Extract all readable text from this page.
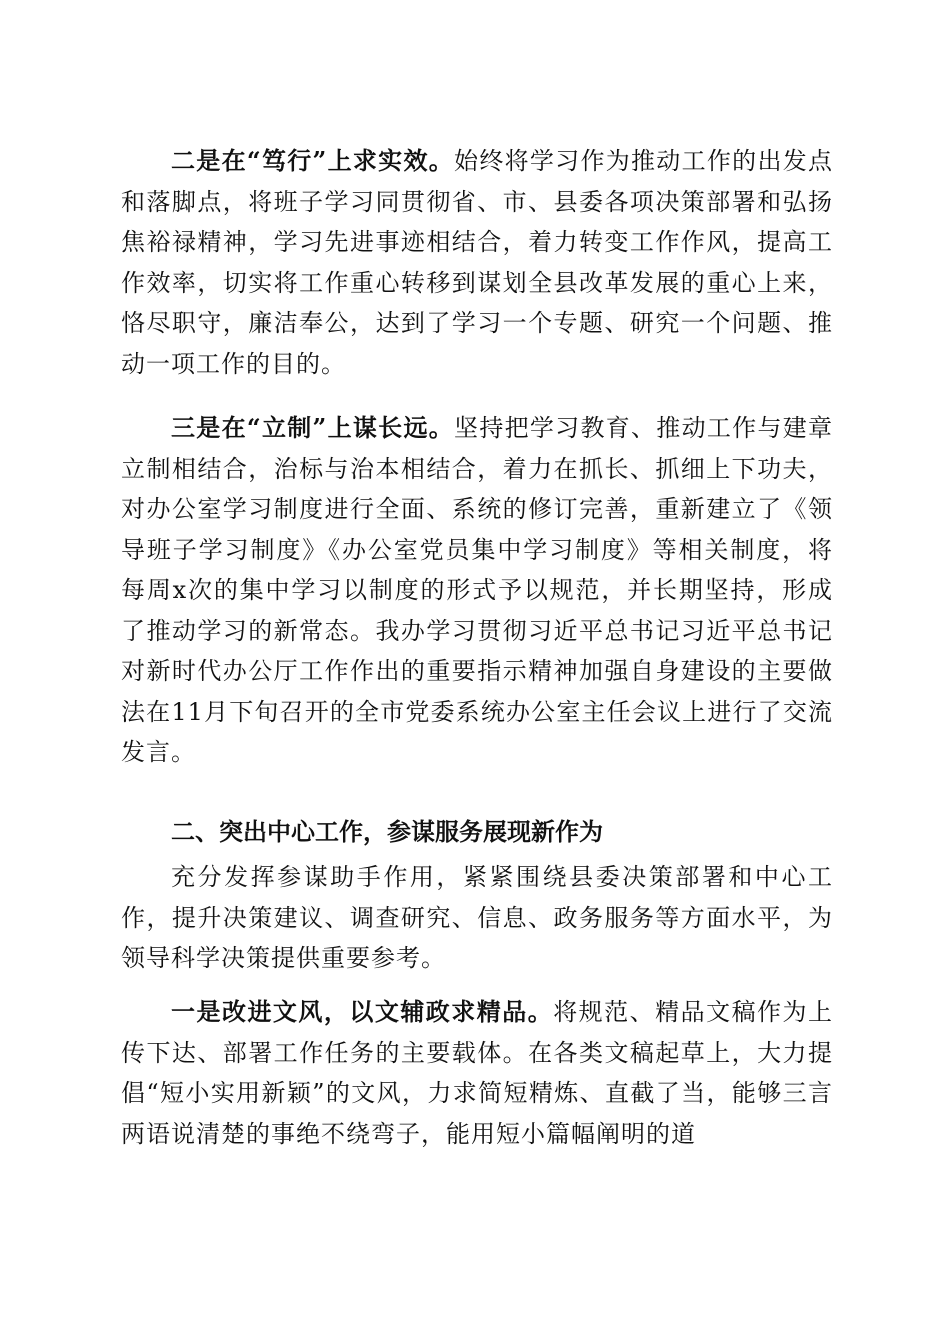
二是在“笃行”上求实效。始终将学习作为推动工作的出发点和落脚点，将班子学习同贯彻省、市、县委各项决策部署和弘扬焦裕禄精神，学习先进事迹相结合，着力转变工作作风，提高工作效率，切实将工作重心转移到谋划全县改革发展的重心上来，恪尽职守，廉洁奉公，达到了学习一个专题、研究一个问题、推动一项工作的目的。

三是在“立制”上谋长远。坚持把学习教育、推动工作与建章立制相结合，治标与治本相结合，着力在抓长、抓细上下功夫，对办公室学习制度进行全面、系统的修订完善，重新建立了《领导班子学习制度》《办公室党员集中学习制度》等相关制度，将每周x次的集中学习以制度的形式予以规范，并长期坚持，形成了推动学习的新常态。我办学习贯彻习近平总书记习近平总书记对新时代办公厅工作作出的重要指示精神加强自身建设的主要做法在11月下旬召开的全市党委系统办公室主任会议上进行了交流发言。

二、突出中心工作，参谋服务展现新作为

充分发挥参谋助手作用，紧紧围绕县委决策部署和中心工作，提升决策建议、调查研究、信息、政务服务等方面水平，为领导科学决策提供重要参考。

一是改进文风，以文辅政求精品。将规范、精品文稿作为上传下达、部署工作任务的主要载体。在各类文稿起草上，大力提倡“短小实用新颖”的文风，力求简短精炼、直截了当，能够三言两语说清楚的事绝不绕弯子，能用短小篇幅阐明的道
